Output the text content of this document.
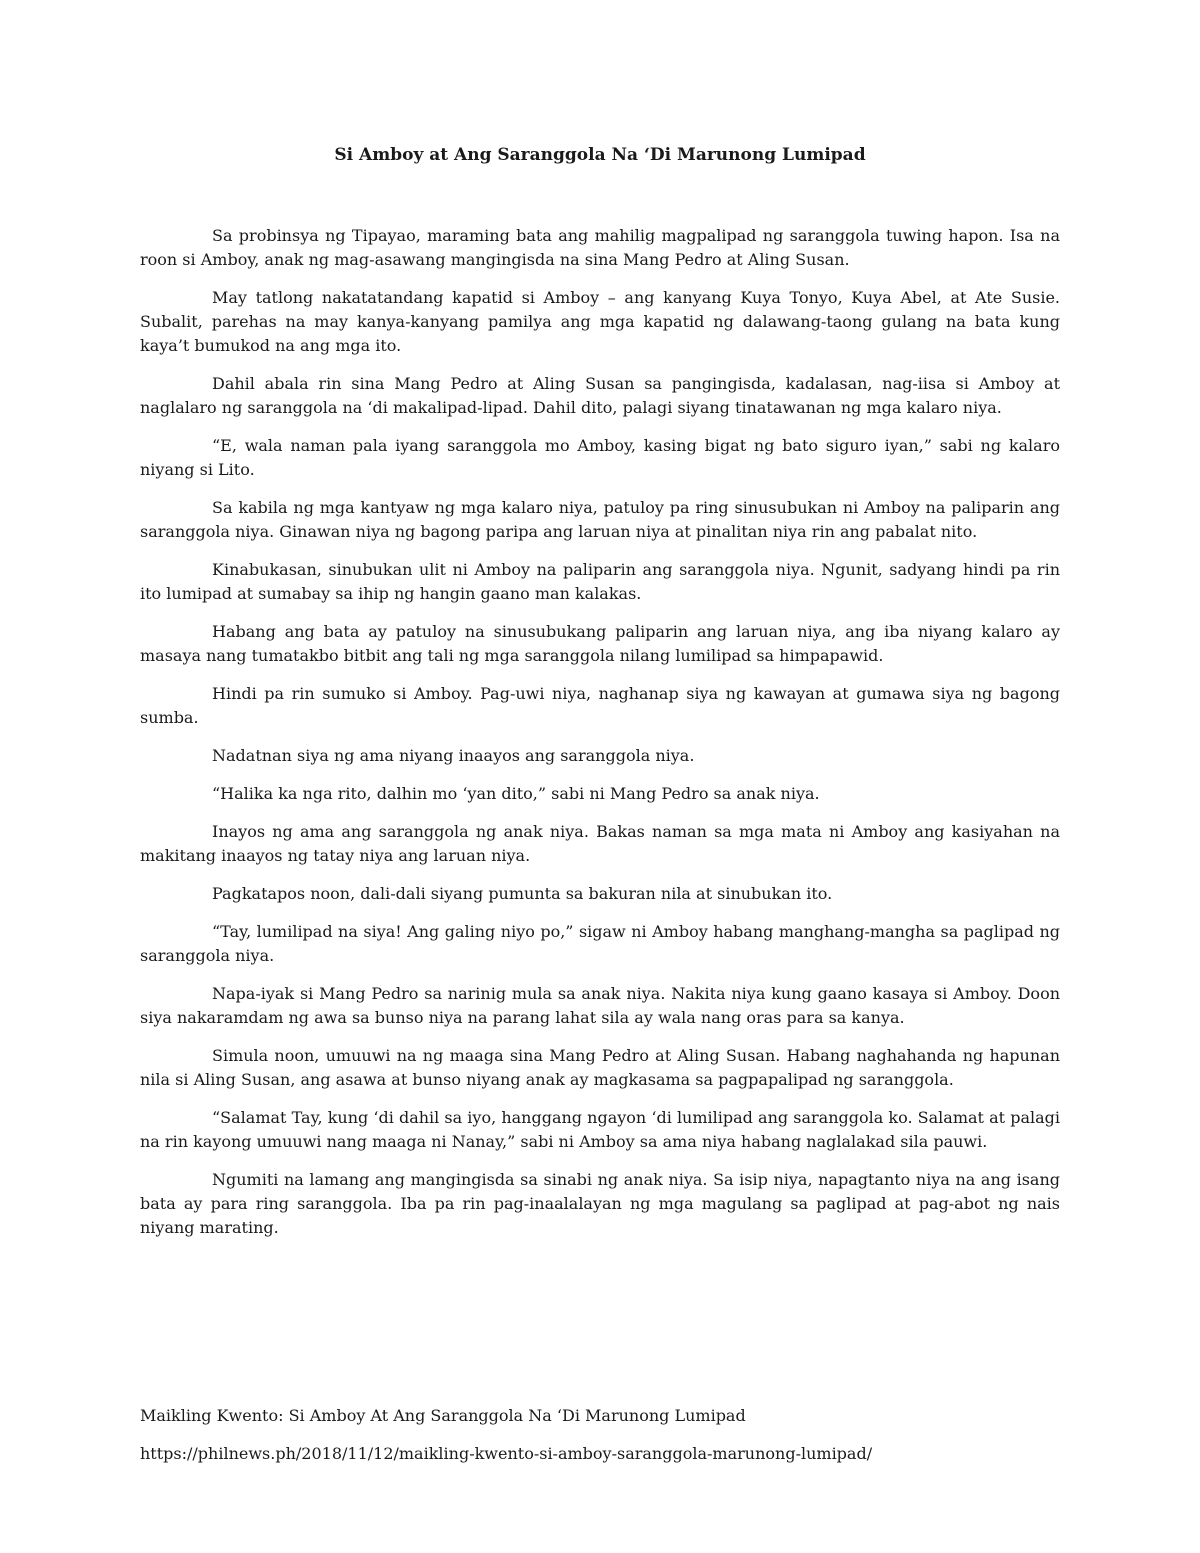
Si Amboy at Ang Saranggola Na ‘Di Marunong Lumipad

Sa probinsya ng Tipayao, maraming bata ang mahilig magpalipad ng saranggola tuwing hapon. Isa na roon si Amboy, anak ng mag-asawang mangingisda na sina Mang Pedro at Aling Susan.

May tatlong nakatatandang kapatid si Amboy – ang kanyang Kuya Tonyo, Kuya Abel, at Ate Susie. Subalit, parehas na may kanya-kanyang pamilya ang mga kapatid ng dalawang-taong gulang na bata kung kaya’t bumukod na ang mga ito.

Dahil abala rin sina Mang Pedro at Aling Susan sa pangingisda, kadalasan, nag-iisa si Amboy at naglalaro ng saranggola na ‘di makalipad-lipad. Dahil dito, palagi siyang tinatawanan ng mga kalaro niya.

“E, wala naman pala iyang saranggola mo Amboy, kasing bigat ng bato siguro iyan,” sabi ng kalaro niyang si Lito.

Sa kabila ng mga kantyaw ng mga kalaro niya, patuloy pa ring sinusubukan ni Amboy na paliparin ang saranggola niya. Ginawan niya ng bagong paripa ang laruan niya at pinalitan niya rin ang pabalat nito.

Kinabukasan, sinubukan ulit ni Amboy na paliparin ang saranggola niya. Ngunit, sadyang hindi pa rin ito lumipad at sumabay sa ihip ng hangin gaano man kalakas.

Habang ang bata ay patuloy na sinusubukang paliparin ang laruan niya, ang iba niyang kalaro ay masaya nang tumatakbo bitbit ang tali ng mga saranggola nilang lumilipad sa himpapawid.

Hindi pa rin sumuko si Amboy. Pag-uwi niya, naghanap siya ng kawayan at gumawa siya ng bagong sumba.

Nadatnan siya ng ama niyang inaayos ang saranggola niya.

“Halika ka nga rito, dalhin mo ‘yan dito,” sabi ni Mang Pedro sa anak niya.

Inayos ng ama ang saranggola ng anak niya. Bakas naman sa mga mata ni Amboy ang kasiyahan na makitang inaayos ng tatay niya ang laruan niya.

Pagkatapos noon, dali-dali siyang pumunta sa bakuran nila at sinubukan ito.

“Tay, lumilipad na siya! Ang galing niyo po,” sigaw ni Amboy habang manghang-mangha sa paglipad ng saranggola niya.

Napa-iyak si Mang Pedro sa narinig mula sa anak niya. Nakita niya kung gaano kasaya si Amboy. Doon siya nakaramdam ng awa sa bunso niya na parang lahat sila ay wala nang oras para sa kanya.

Simula noon, umuuwi na ng maaga sina Mang Pedro at Aling Susan. Habang naghahanda ng hapunan nila si Aling Susan, ang asawa at bunso niyang anak ay magkasama sa pagpapalipad ng saranggola.

“Salamat Tay, kung ‘di dahil sa iyo, hanggang ngayon ‘di lumilipad ang saranggola ko. Salamat at palagi na rin kayong umuuwi nang maaga ni Nanay,” sabi ni Amboy sa ama niya habang naglalakad sila pauwi.

Ngumiti na lamang ang mangingisda sa sinabi ng anak niya. Sa isip niya, napagtanto niya na ang isang bata ay para ring saranggola. Iba pa rin pag-inaalalayan ng mga magulang sa paglipad at pag-abot ng nais niyang marating.

Maikling Kwento: Si Amboy At Ang Saranggola Na ‘Di Marunong Lumipad

https://philnews.ph/2018/11/12/maikling-kwento-si-amboy-saranggola-marunong-lumipad/
